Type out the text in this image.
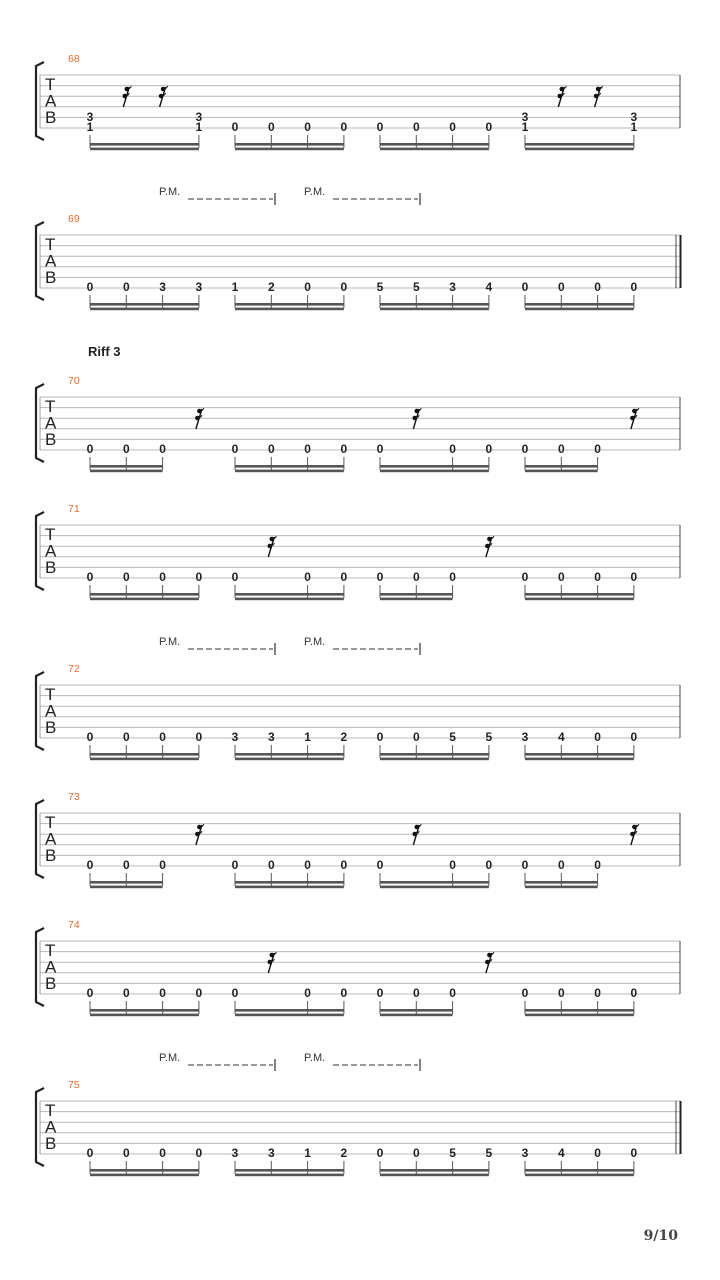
68
T
A
B	3
1
3
1 0 0 0 0 0 0 0 0
3
1
3
1
69
T
A
B
P.M.	P.M.
0 0 3 3 1 2 0 0 5 5 3 4 0 0 0 0
Riff 3
70
T
A
B	0 0 0	0 0 0 0 0	0 0 0 0 0
71
T
A
B	0 0 0 0 0	0 0 0 0 0	0 0 0 0
72
T
A
B
P.M.	P.M.
0 0 0 0 3 3 1 2 0 0 5 5 3 4 0 0
73
T
A
B	0 0 0	0 0 0 0 0	0 0 0 0 0
74
T
A
B	0 0 0 0 0	0 0 0 0 0	0 0 0 0
75
T
A
B
P.M.	P.M.
0 0 0 0 3 3 1 2 0 0 5 5 3 4 0 0
9/10
